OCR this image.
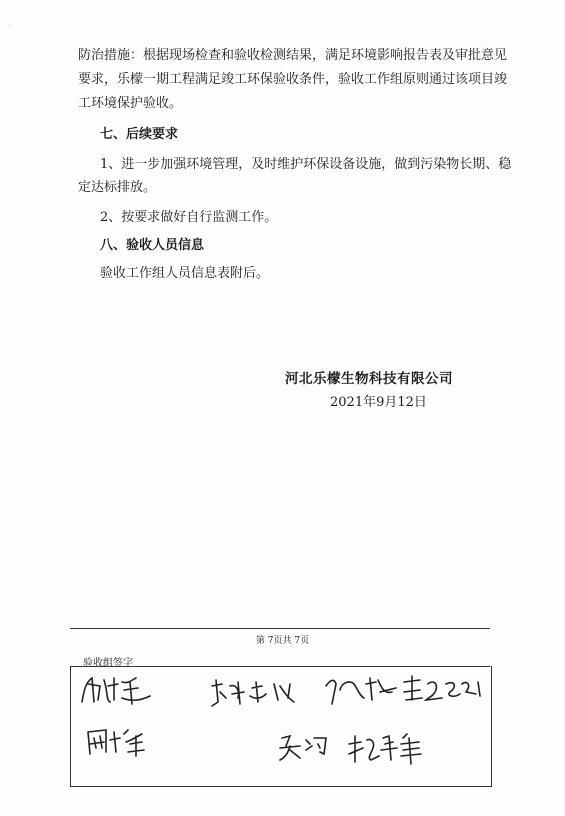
·
防治措施：根据现场检查和验收检测结果，满足环境影响报告表及审批意见
要求，乐檬一期工程满足竣工环保验收条件，验收工作组原则通过该项目竣
工环境保护验收。
七、后续要求
1、进一步加强环境管理，及时维护环保设备设施，做到污染物长期、稳
定达标排放。
2、按要求做好自行监测工作。
八、验收人员信息
验收工作组人员信息表附后。
河北乐檬生物科技有限公司
2021年9月12日
第 7页共 7页
验收组签字
